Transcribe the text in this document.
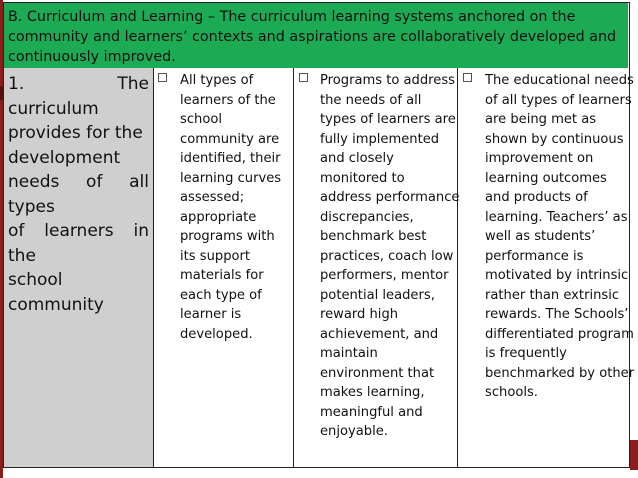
B. Curriculum and Learning – The curriculum learning systems anchored on the
community and learners’ contexts and aspirations are collaboratively developed and
continuously improved.
1. The curriculum
provides for the
development
needs of all types
of learners in the
school
community
All types of
learners of the
school
community are
identified, their
learning curves
assessed;
appropriate
programs with
its support
materials for
each type of
learner is
developed.
Programs to address
the needs of all
types of learners are
fully implemented
and closely
monitored to
address performance
discrepancies,
benchmark best
practices, coach low
performers, mentor
potential leaders,
reward high
achievement, and
maintain
environment that
makes learning,
meaningful and
enjoyable.
The educational needs
of all types of learners
are being met as
shown by continuous
improvement on
learning outcomes
and products of
learning. Teachers’ as
well as students’
performance is
motivated by intrinsic
rather than extrinsic
rewards. The Schools’
differentiated program
is frequently
benchmarked by other
schools.
